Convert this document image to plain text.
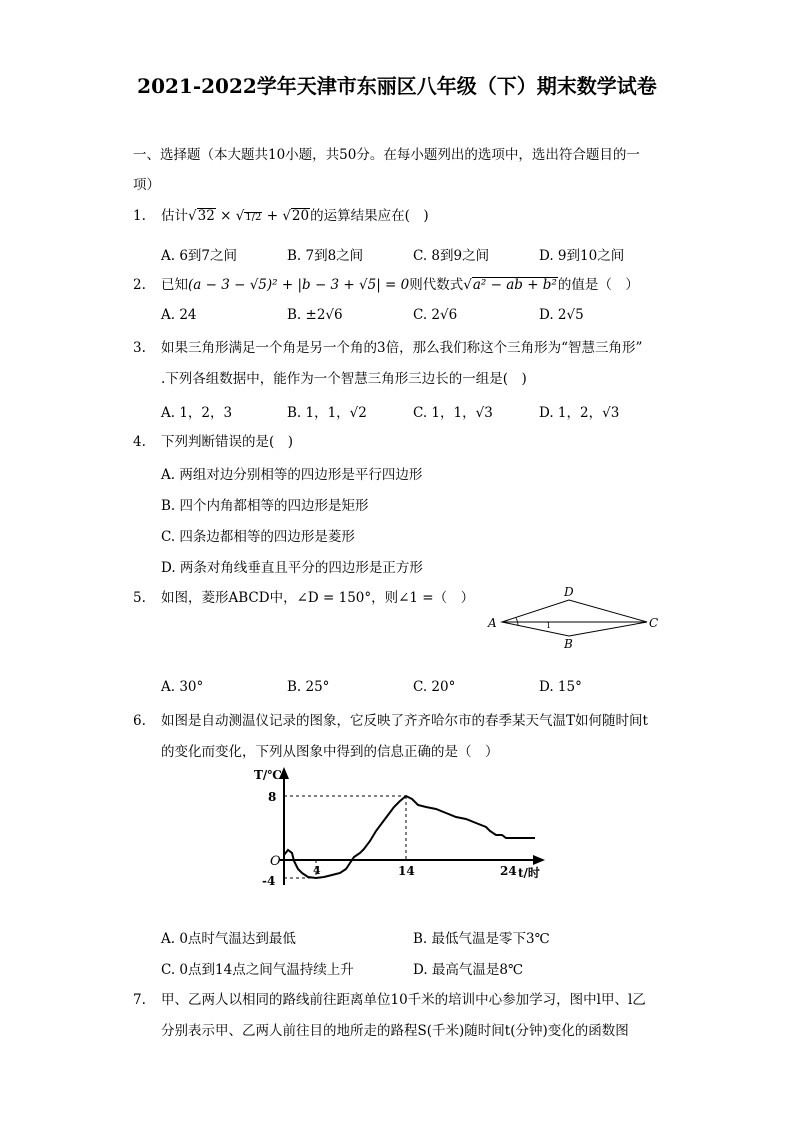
2021-2022学年天津市东丽区八年级（下）期末数学试卷
一、选择题（本大题共10小题，共50分。在每小题列出的选项中，选出符合题目的一
项）
1.	估计√32 × √1/2 + √20的运算结果应在(　)
A. 6到7之间	B. 7到8之间	C. 8到9之间	D. 9到10之间
2.	已知(a − 3 − √5)² + |b − 3 + √5| = 0则代数式√a² − ab + b²的值是（　）
A. 24	B. ±2√6	C. 2√6	D. 2√5
3.	如果三角形满足一个角是另一个角的3倍，那么我们称这个三角形为“智慧三角形”
.下列各组数据中，能作为一个智慧三角形三边长的一组是(　)
A. 1，2，3	B. 1，1，√2	C. 1，1，√3	D. 1，2，√3
4.	下列判断错误的是(　)
A. 两组对边分别相等的四边形是平行四边形
B. 四个内角都相等的四边形是矩形
C. 四条边都相等的四边形是菱形
D. 两条对角线垂直且平分的四边形是正方形
5.	如图，菱形ABCD中，∠D = 150°，则∠1 =（　）
A
D
C
B
1
A. 30°	B. 25°	C. 20°	D. 15°
6.	如图是自动测温仪记录的图象，它反映了齐齐哈尔市的春季某天气温T如何随时间t
的变化而变化，下列从图象中得到的信息正确的是（　）
T/℃
8
-4
O
4	14	24 t/时
A. 0点时气温达到最低	B. 最低气温是零下3℃
C. 0点到14点之间气温持续上升	D. 最高气温是8℃
7.	甲、乙两人以相同的路线前往距离单位10千米的培训中心参加学习，图中l甲、l乙
分别表示甲、乙两人前往目的地所走的路程S(千米)随时间t(分钟)变化的函数图
